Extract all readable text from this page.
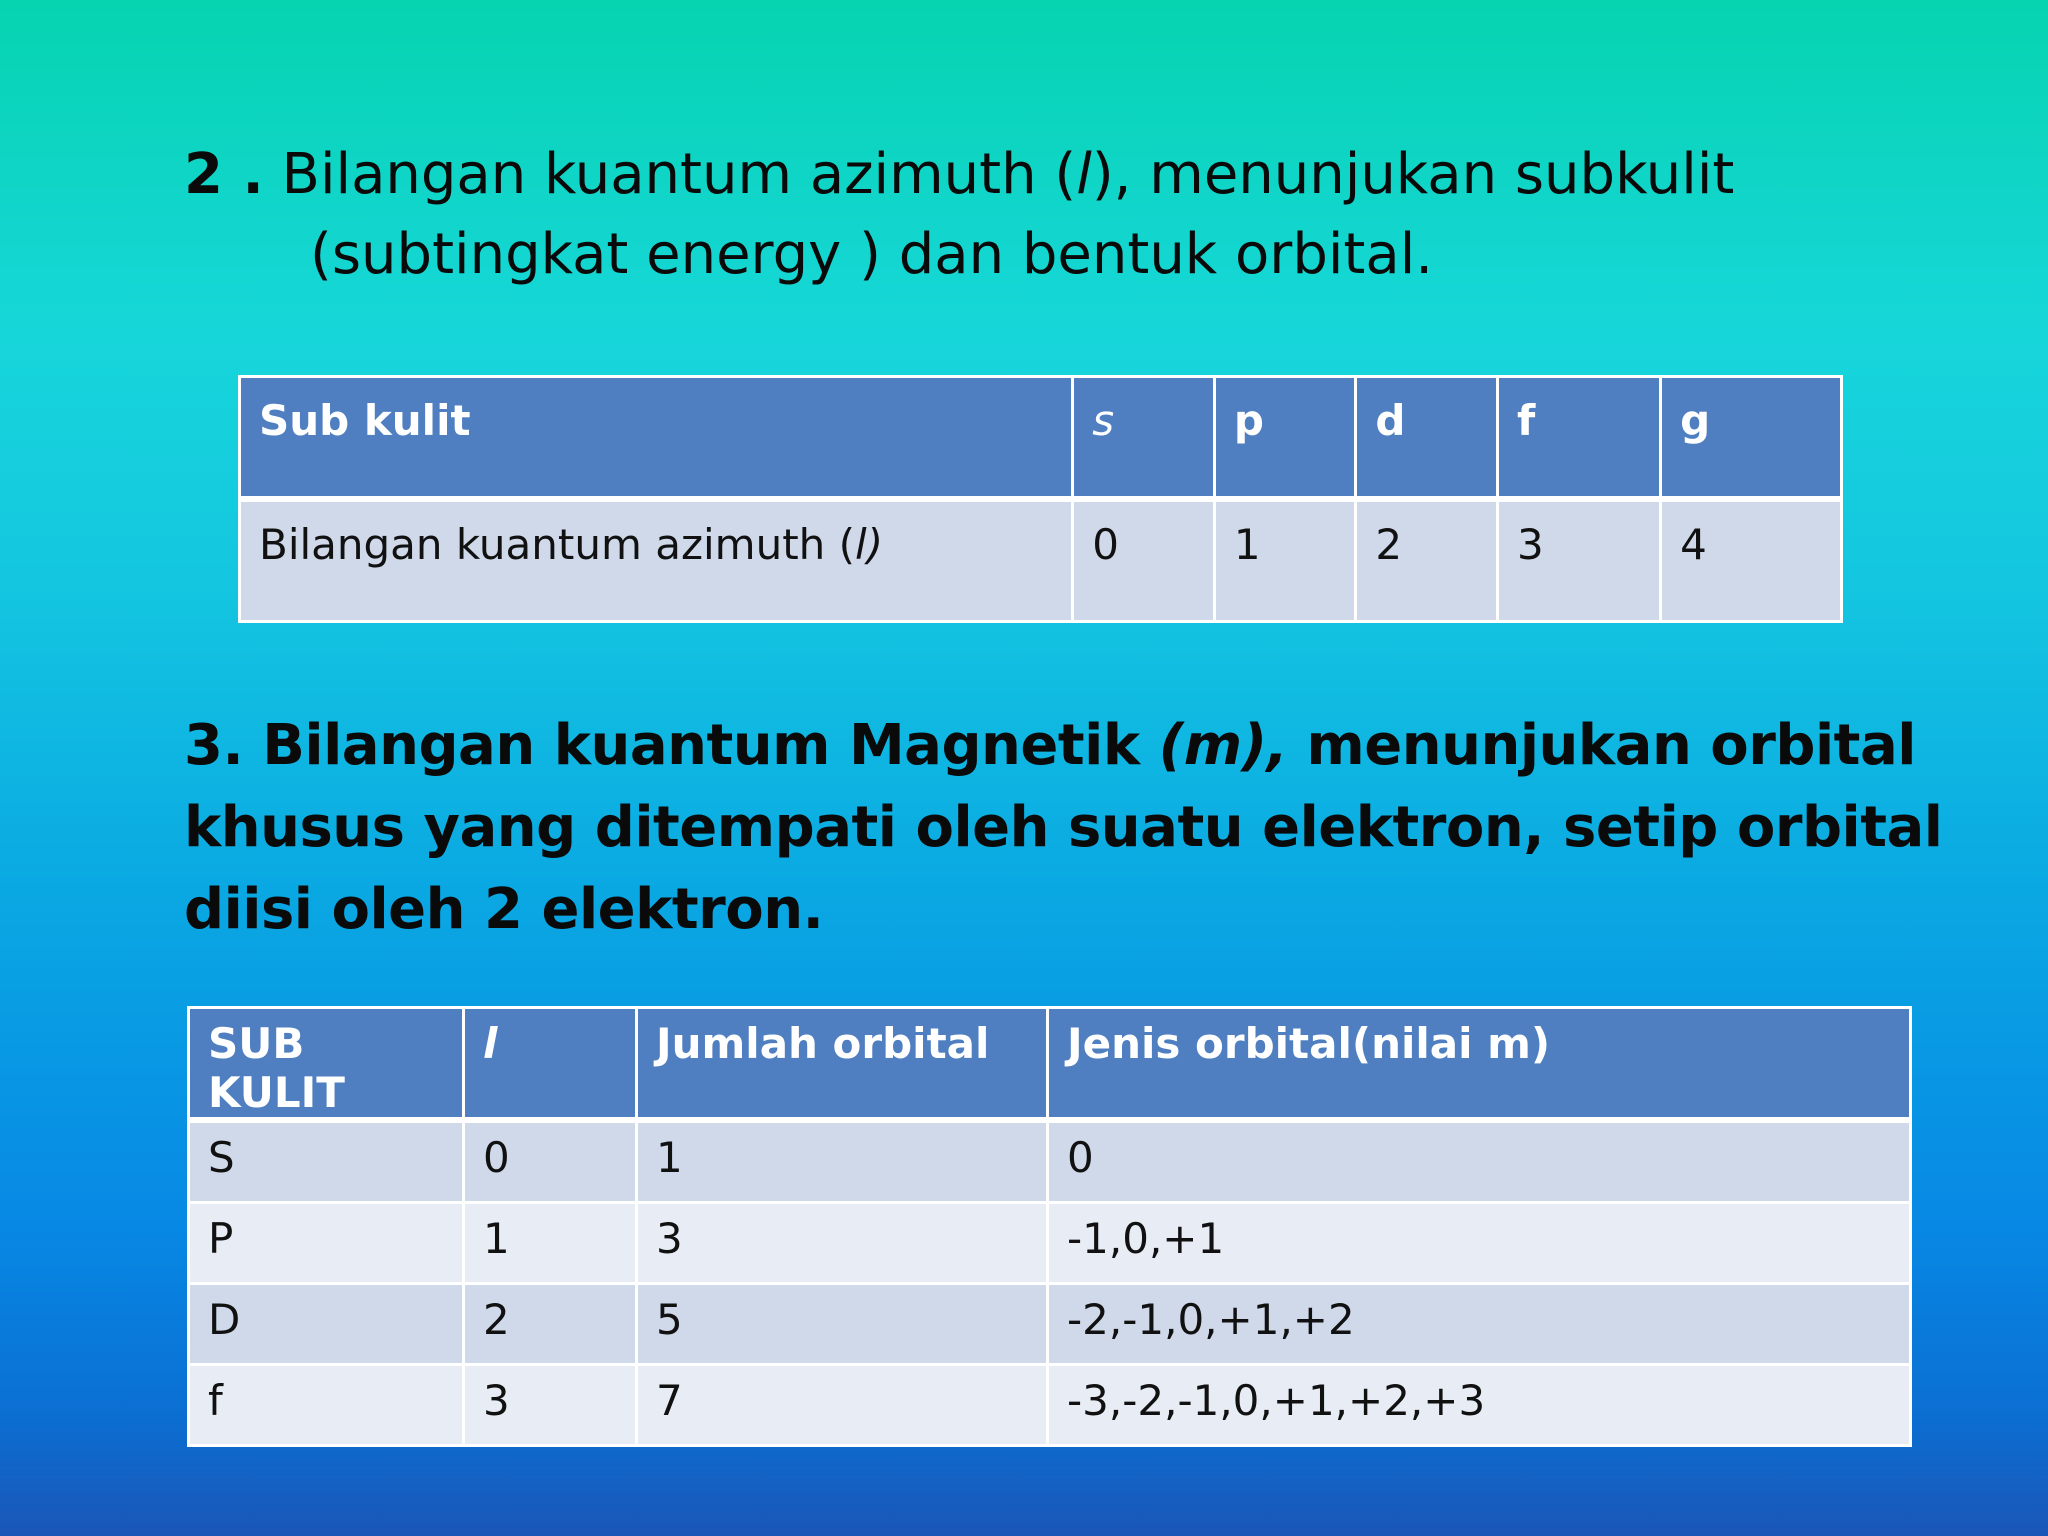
2 . Bilangan kuantum azimuth (l), menunjukan subkulit
(subtingkat energy ) dan bentuk orbital.
Sub kulit	s	p	d	f	g
Bilangan kuantum azimuth (l)	0	1	2	3	4
3. Bilangan kuantum Magnetik (m), menunjukan orbital khusus yang ditempati oleh suatu elektron, setip orbital diisi oleh 2 elektron.
SUB KULIT	l	Jumlah orbital	Jenis orbital(nilai m)
S	0	1	0
P	1	3	-1,0,+1
D	2	5	-2,-1,0,+1,+2
f	3	7	-3,-2,-1,0,+1,+2,+3
